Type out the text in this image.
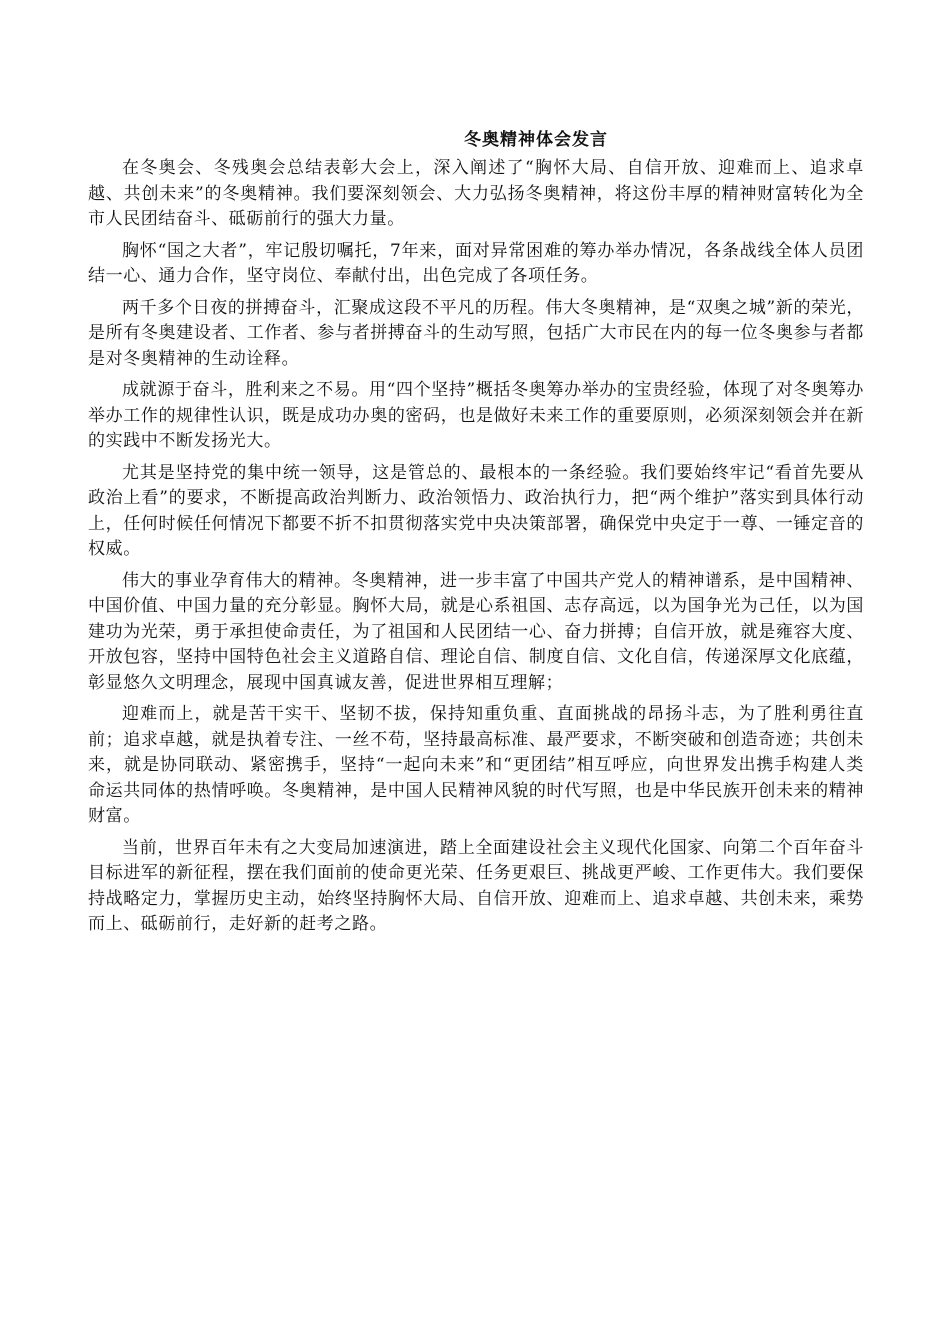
冬奥精神体会发言

在冬奥会、冬残奥会总结表彰大会上，深入阐述了“胸怀大局、自信开放、迎难而上、追求卓越、共创未来”的冬奥精神。我们要深刻领会、大力弘扬冬奥精神，将这份丰厚的精神财富转化为全市人民团结奋斗、砥砺前行的强大力量。

胸怀“国之大者”，牢记殷切嘱托，7年来，面对异常困难的筹办举办情况，各条战线全体人员团结一心、通力合作，坚守岗位、奉献付出，出色完成了各项任务。

两千多个日夜的拼搏奋斗，汇聚成这段不平凡的历程。伟大冬奥精神，是“双奥之城”新的荣光，是所有冬奥建设者、工作者、参与者拼搏奋斗的生动写照，包括广大市民在内的每一位冬奥参与者都是对冬奥精神的生动诠释。

成就源于奋斗，胜利来之不易。用“四个坚持”概括冬奥筹办举办的宝贵经验，体现了对冬奥筹办举办工作的规律性认识，既是成功办奥的密码，也是做好未来工作的重要原则，必须深刻领会并在新的实践中不断发扬光大。

尤其是坚持党的集中统一领导，这是管总的、最根本的一条经验。我们要始终牢记“看首先要从政治上看”的要求，不断提高政治判断力、政治领悟力、政治执行力，把“两个维护”落实到具体行动上，任何时候任何情况下都要不折不扣贯彻落实党中央决策部署，确保党中央定于一尊、一锤定音的权威。

伟大的事业孕育伟大的精神。冬奥精神，进一步丰富了中国共产党人的精神谱系，是中国精神、中国价值、中国力量的充分彰显。胸怀大局，就是心系祖国、志存高远，以为国争光为己任，以为国建功为光荣，勇于承担使命责任，为了祖国和人民团结一心、奋力拼搏；自信开放，就是雍容大度、开放包容，坚持中国特色社会主义道路自信、理论自信、制度自信、文化自信，传递深厚文化底蕴，彰显悠久文明理念，展现中国真诚友善，促进世界相互理解；

迎难而上，就是苦干实干、坚韧不拔，保持知重负重、直面挑战的昂扬斗志，为了胜利勇往直前；追求卓越，就是执着专注、一丝不苟，坚持最高标准、最严要求，不断突破和创造奇迹；共创未来，就是协同联动、紧密携手，坚持“一起向未来”和“更团结”相互呼应，向世界发出携手构建人类命运共同体的热情呼唤。冬奥精神，是中国人民精神风貌的时代写照，也是中华民族开创未来的精神财富。

当前，世界百年未有之大变局加速演进，踏上全面建设社会主义现代化国家、向第二个百年奋斗目标进军的新征程，摆在我们面前的使命更光荣、任务更艰巨、挑战更严峻、工作更伟大。我们要保持战略定力，掌握历史主动，始终坚持胸怀大局、自信开放、迎难而上、追求卓越、共创未来，乘势而上、砥砺前行，走好新的赶考之路。
